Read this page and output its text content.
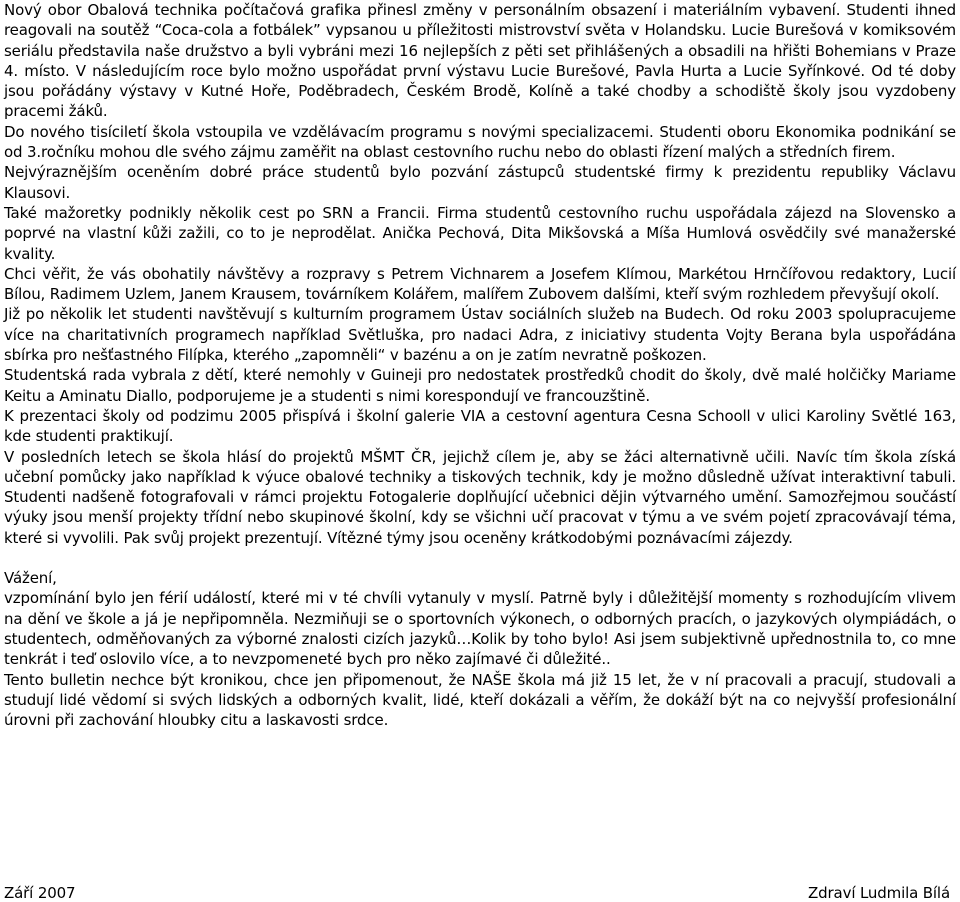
Nový obor Obalová technika počítačová grafika přinesl změny v personálním obsazení i materiálním vybavení. Studenti ihned reagovali na soutěž “Coca-cola a fotbálek” vypsanou u příležitosti mistrovství světa v Holandsku. Lucie Burešová v komiksovém seriálu představila naše družstvo a byli vybráni mezi 16 nejlepších z pěti set přihlášených a obsadili na hřišti Bohemians v Praze 4. místo. V následujícím roce bylo možno uspořádat první výstavu Lucie Burešové, Pavla Hurta a Lucie Syřínkové. Od té doby jsou pořádány výstavy v Kutné Hoře, Poděbradech, Českém Brodě, Kolíně a také chodby a schodiště školy jsou vyzdobeny pracemi žáků.

Do nového tisíciletí škola vstoupila ve vzdělávacím programu s novými specializacemi. Studenti oboru Ekonomika podnikání se od 3.ročníku mohou dle svého zájmu zaměřit na oblast cestovního ruchu nebo do oblasti řízení malých a středních firem.

Nejvýraznějším oceněním dobré práce studentů bylo pozvání zástupců studentské firmy k prezidentu republiky Václavu Klausovi.

Také mažoretky podnikly několik cest po SRN a Francii. Firma studentů cestovního ruchu uspořádala zájezd na Slovensko a poprvé na vlastní kůži zažili, co to je neprodělat. Anička Pechová, Dita Mikšovská a Míša Humlová osvědčily své manažerské kvality.

Chci věřit, že vás obohatily návštěvy a rozpravy s Petrem Vichnarem a Josefem Klímou, Markétou Hrnčířovou redaktory, Lucií Bílou, Radimem Uzlem, Janem Krausem, továrníkem Kolářem, malířem Zubovem dalšími, kteří svým rozhledem převyšují okolí.

Již po několik let studenti navštěvují s kulturním programem Ústav sociálních služeb na Budech. Od roku 2003 spolupracujeme více na charitativních programech například Světluška, pro nadaci Adra, z iniciativy studenta Vojty Berana byla uspořádána sbírka pro nešťastného Filípka, kterého „zapomněli“ v bazénu a on je zatím nevratně poškozen.

Studentská rada vybrala z dětí, které nemohly v Guineji pro nedostatek prostředků chodit do školy, dvě malé holčičky Mariame Keitu a Aminatu Diallo, podporujeme je a studenti s nimi korespondují ve francouzštině.

K prezentaci školy od podzimu 2005 přispívá i školní galerie VIA a cestovní agentura Cesna Schooll v ulici Karoliny Světlé 163, kde studenti praktikují.

V posledních letech se škola hlásí do projektů MŠMT ČR, jejichž cílem je, aby se žáci alternativně učili. Navíc tím škola získá učební pomůcky jako například k výuce obalové techniky a tiskových technik, kdy je možno důsledně užívat interaktivní tabuli. Studenti nadšeně fotografovali v rámci projektu Fotogalerie doplňující učebnici dějin výtvarného umění. Samozřejmou součástí výuky jsou menší projekty třídní nebo skupinové školní, kdy se všichni učí pracovat v týmu a ve svém pojetí zpracovávají téma, které si vyvolili. Pak svůj projekt prezentují. Vítězné týmy jsou oceněny krátkodobými poznávacími zájezdy.

Vážení,

vzpomínání bylo jen férií událostí, které mi v té chvíli vytanuly v myslí. Patrně byly i důležitější momenty s rozhodujícím vlivem na dění ve škole a já je nepřipomněla. Nezmiňuji se o sportovních výkonech, o odborných pracích, o jazykových olympiádách, o studentech, odměňovaných za výborné znalosti cizích jazyků…Kolik by toho bylo! Asi jsem subjektivně upřednostnila to, co mne tenkrát i teď oslovilo více, a to nevzpomeneté bych pro něko zajímavé či důležité..

Tento bulletin nechce být kronikou, chce jen připomenout, že NAŠE škola má již 15 let, že v ní pracovali a pracují, studovali a studují lidé vědomí si svých lidských a odborných kvalit, lidé, kteří dokázali a věřím, že dokáží být na co nejvyšší profesionální úrovni při zachování hloubky citu a laskavosti srdce.

Září 2007	Zdraví Ludmila Bílá
